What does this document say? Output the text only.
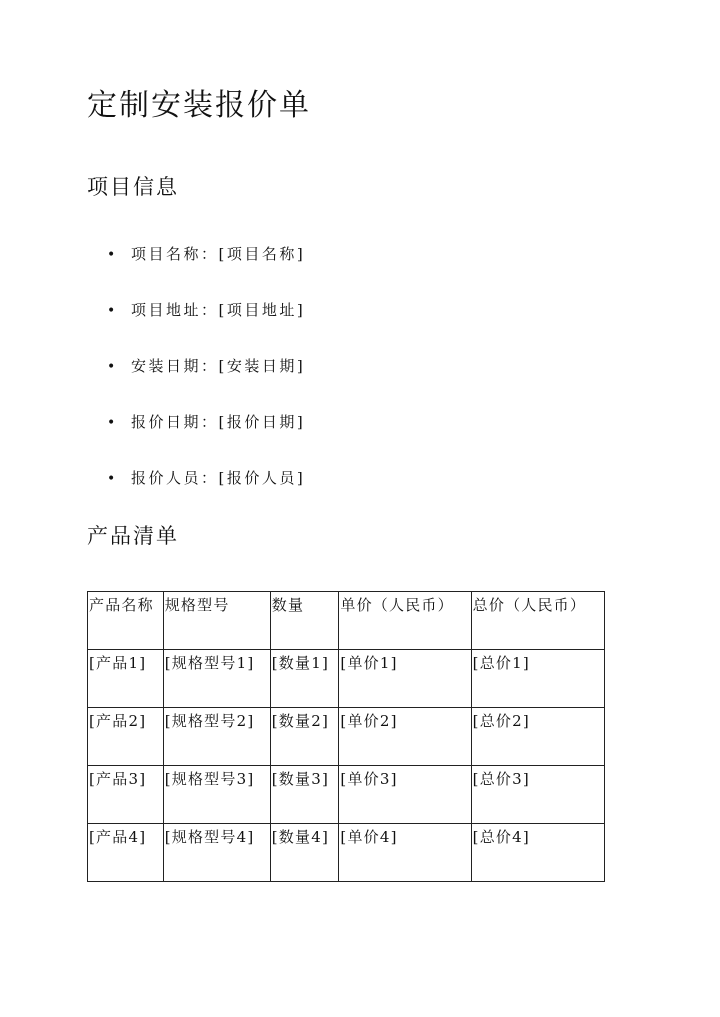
定制安装报价单
项目信息
• 项目名称：[项目名称]
• 项目地址：[项目地址]
• 安装日期：[安装日期]
• 报价日期：[报价日期]
• 报价人员：[报价人员]
产品清单
产品名称	规格型号	数量	单价（人民币）	总价（人民币）
[产品1]	[规格型号1]	[数量1]	[单价1]	[总价1]
[产品2]	[规格型号2]	[数量2]	[单价2]	[总价2]
[产品3]	[规格型号3]	[数量3]	[单价3]	[总价3]
[产品4]	[规格型号4]	[数量4]	[单价4]	[总价4]
